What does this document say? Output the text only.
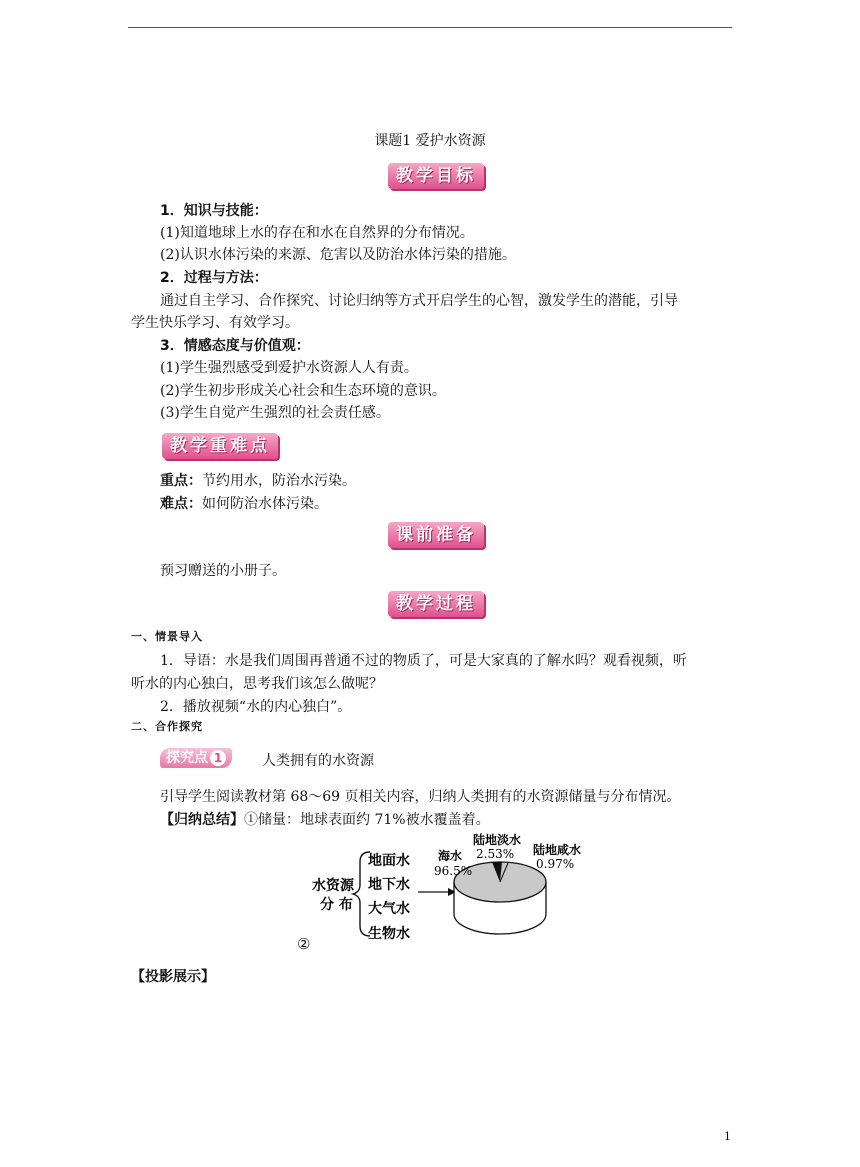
课题1 爱护水资源
教学目标
1．知识与技能：
(1)知道地球上水的存在和水在自然界的分布情况。
(2)认识水体污染的来源、危害以及防治水体污染的措施。
2．过程与方法：
通过自主学习、合作探究、讨论归纳等方式开启学生的心智，激发学生的潜能，引导
学生快乐学习、有效学习。
3．情感态度与价值观：
(1)学生强烈感受到爱护水资源人人有责。
(2)学生初步形成关心社会和生态环境的意识。
(3)学生自觉产生强烈的社会责任感。
教学重难点
重点：节约用水，防治水污染。
难点：如何防治水体污染。
课前准备
预习赠送的小册子。
教学过程
一、情景导入
1．导语：水是我们周围再普通不过的物质了，可是大家真的了解水吗？观看视频，听
听水的内心独白，思考我们该怎么做呢？
2．播放视频“水的内心独白”。
二、合作探究
探究点 1	人类拥有的水资源
引导学生阅读教材第 68～69 页相关内容，归纳人类拥有的水资源储量与分布情况。
【归纳总结】①储量：地球表面约 71%被水覆盖着。
水资源
分 布
地面水
地下水
大气水
生物水
海水
96.5%
陆地淡水
2.53% 陆地咸水
0.97%
②
【投影展示】
1
